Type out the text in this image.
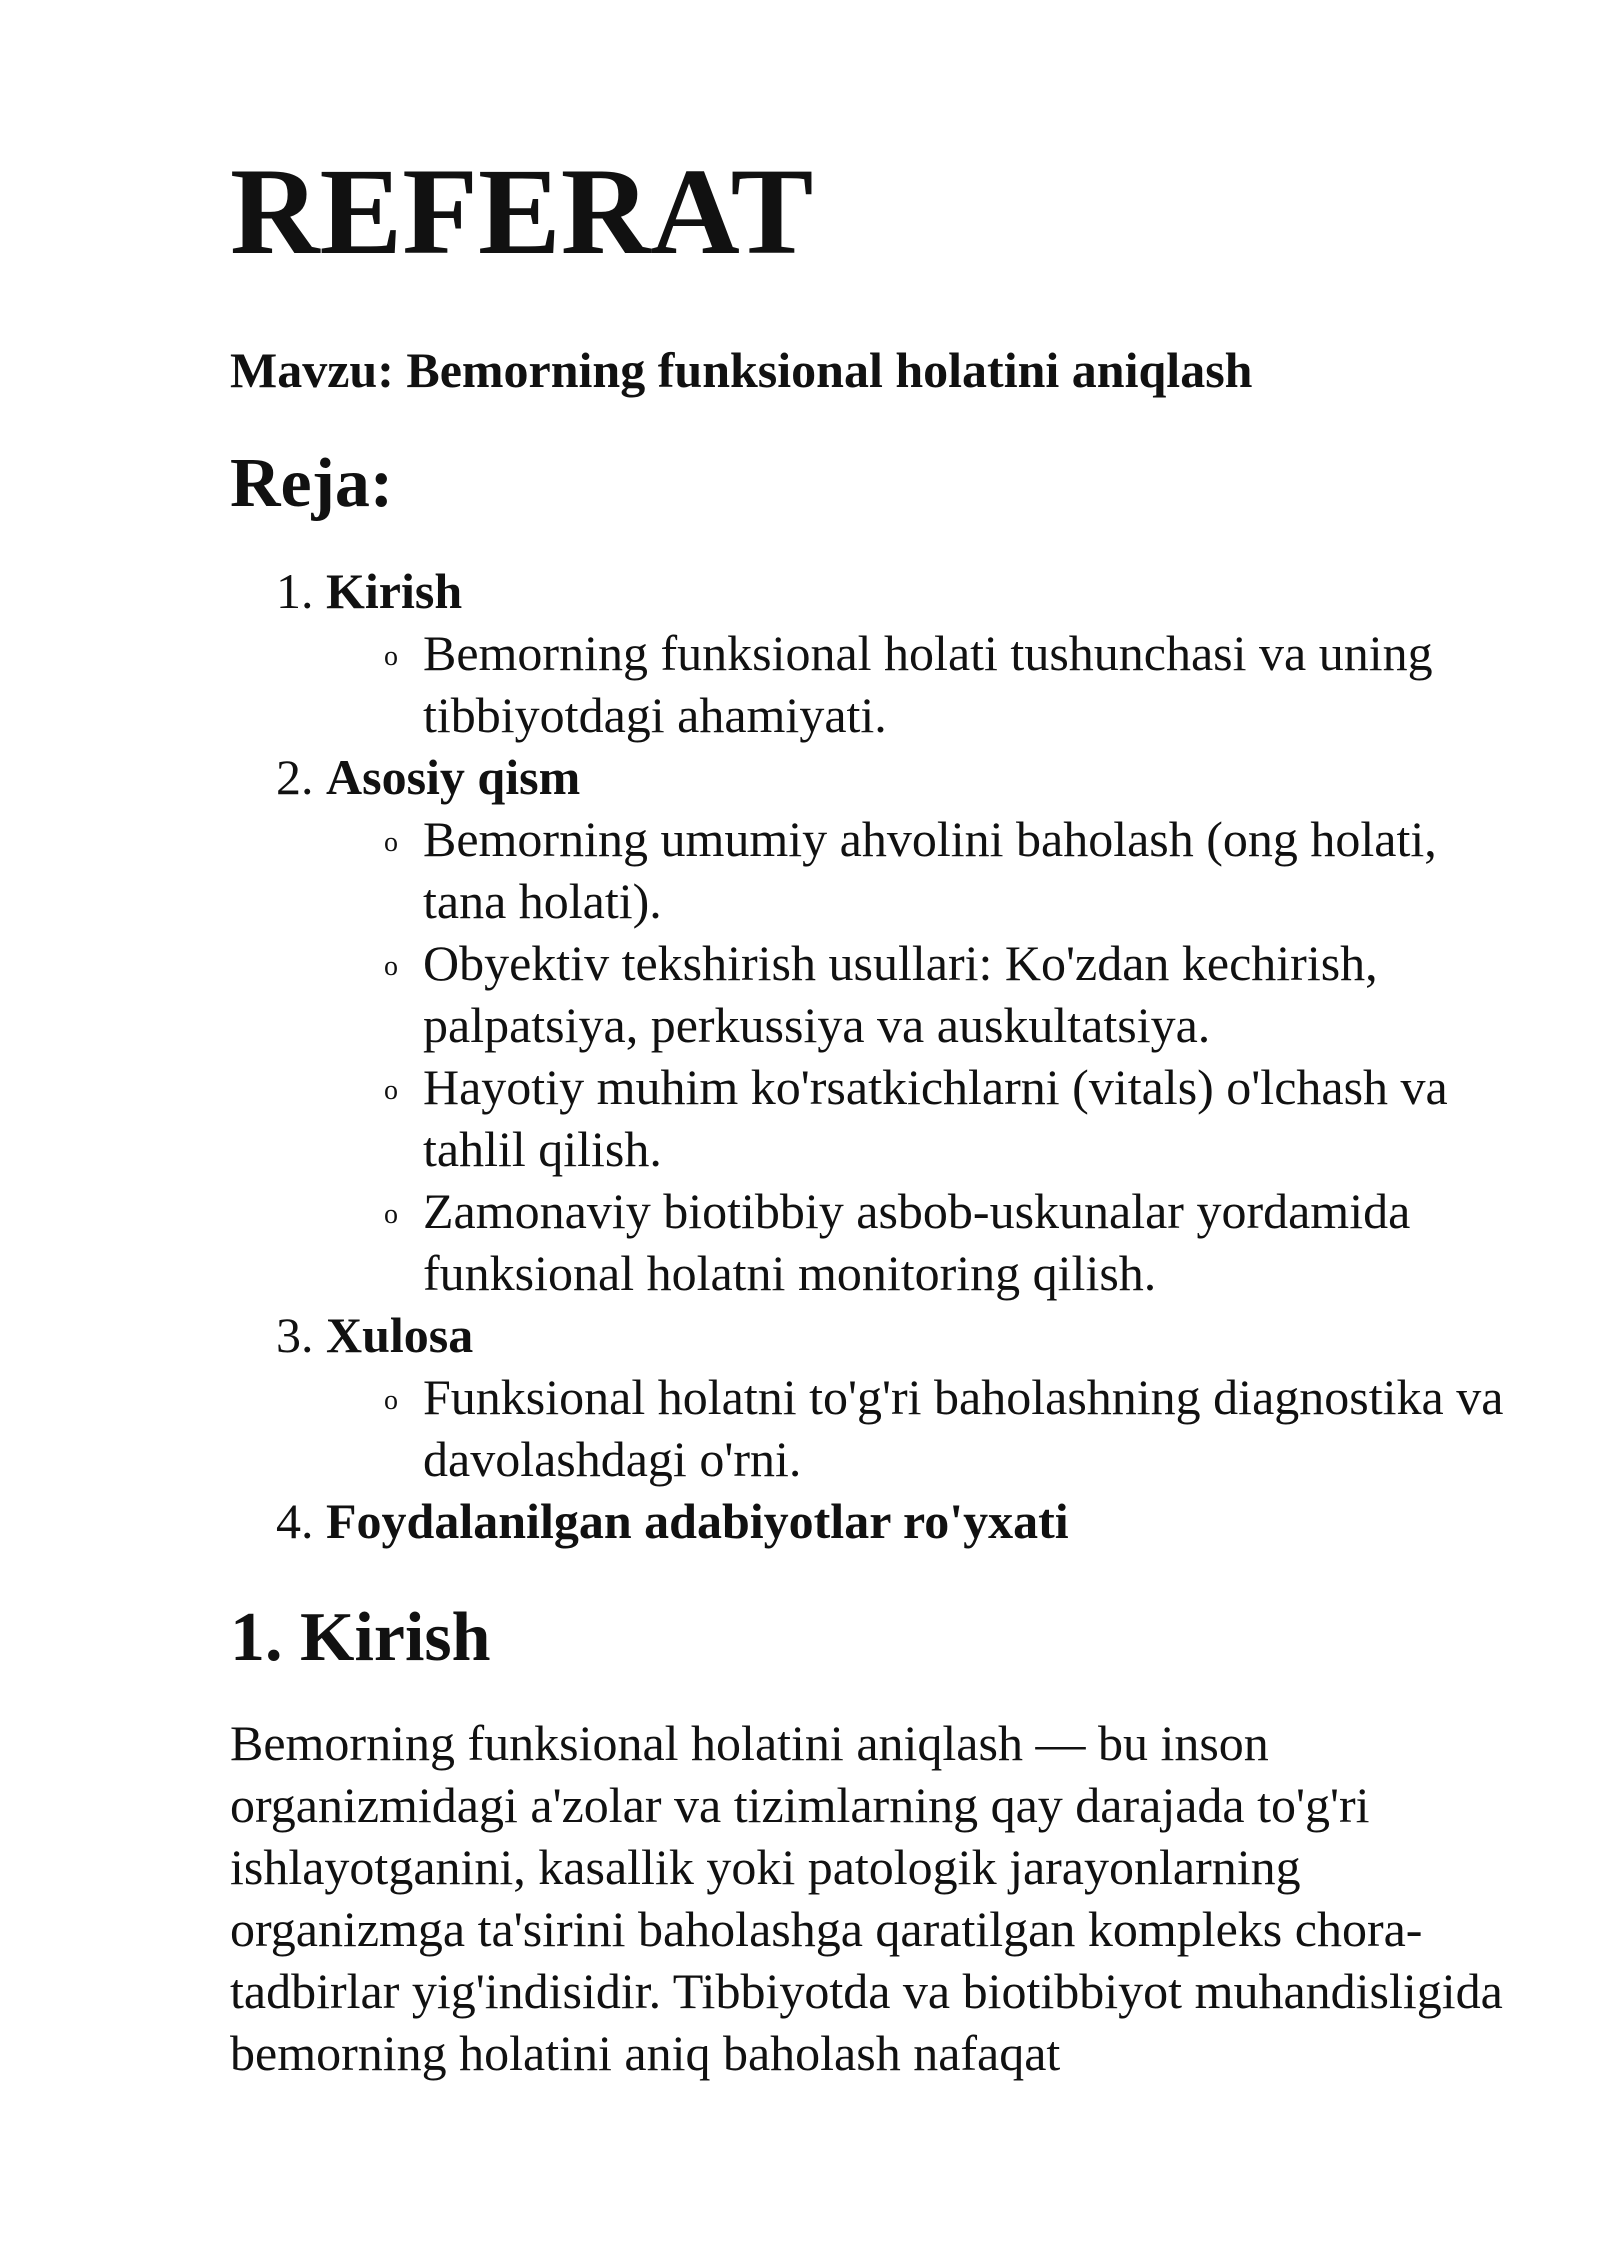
REFERAT

Mavzu: Bemorning funksional holatini aniqlash

Reja:
1. Kirish
o Bemorning funksional holati tushunchasi va uning tibbiyotdagi ahamiyati.
2. Asosiy qism
o Bemorning umumiy ahvolini baholash (ong holati, tana holati).
o Obyektiv tekshirish usullari: Ko'zdan kechirish, palpatsiya, perkussiya va auskultatsiya.
o Hayotiy muhim ko'rsatkichlarni (vitals) o'lchash va tahlil qilish.
o Zamonaviy biotibbiy asbob-uskunalar yordamida funksional holatni monitoring qilish.
3. Xulosa
o Funksional holatni to'g'ri baholashning diagnostika va davolashdagi o'rni.
4. Foydalanilgan adabiyotlar ro'yxati
1. Kirish

Bemorning funksional holatini aniqlash — bu inson organizmidagi a'zolar va tizimlarning qay darajada to'g'ri ishlayotganini, kasallik yoki patologik jarayonlarning organizmga ta'sirini baholashga qaratilgan kompleks chora-tadbirlar yig'indisidir. Tibbiyotda va biotibbiyot muhandisligida bemorning holatini aniq baholash nafaqat
